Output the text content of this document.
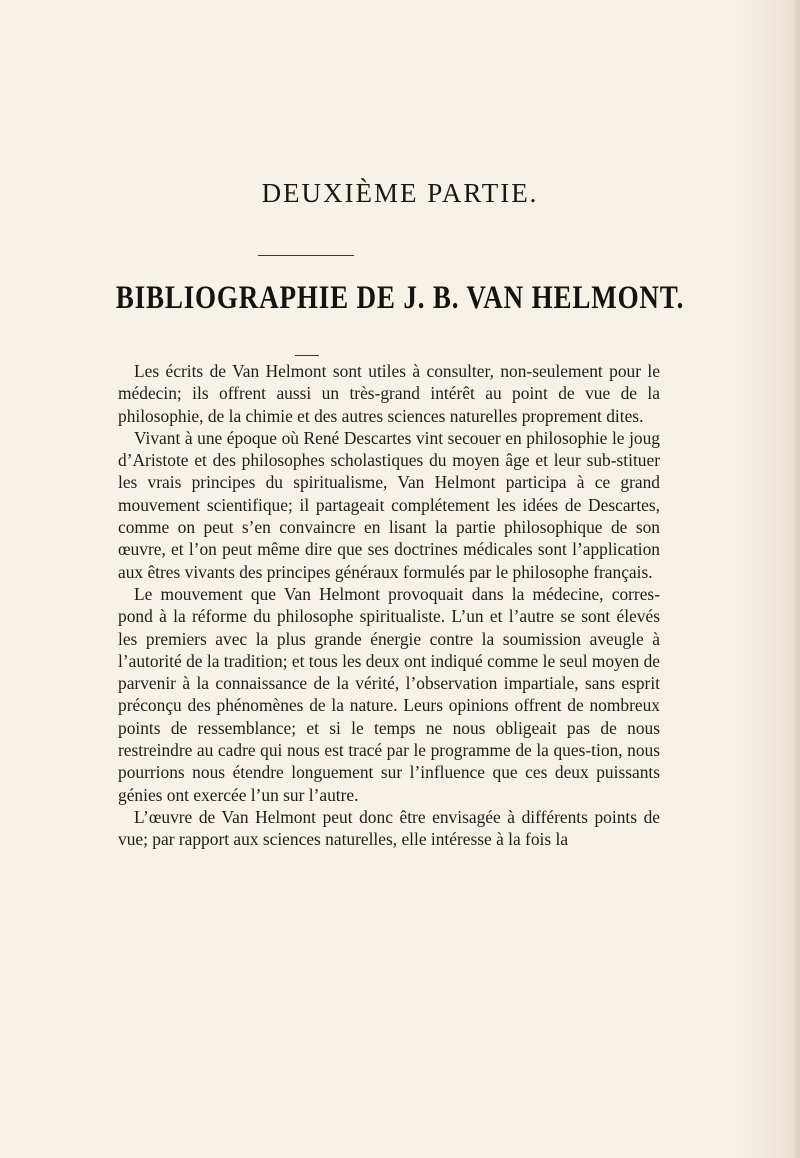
DEUXIÈME PARTIE.
BIBLIOGRAPHIE DE J. B. VAN HELMONT.

Les écrits de Van Helmont sont utiles à consulter, non-seulement pour le médecin; ils offrent aussi un très-grand intérêt au point de vue de la philosophie, de la chimie et des autres sciences naturelles proprement dites.

Vivant à une époque où René Descartes vint secouer en philosophie le joug d’Aristote et des philosophes scholastiques du moyen âge et leur sub-stituer les vrais principes du spiritualisme, Van Helmont participa à ce grand mouvement scientifique; il partageait complétement les idées de Descartes, comme on peut s’en convaincre en lisant la partie philosophique de son œuvre, et l’on peut même dire que ses doctrines médicales sont l’application aux êtres vivants des principes généraux formulés par le philosophe français.

Le mouvement que Van Helmont provoquait dans la médecine, corres-pond à la réforme du philosophe spiritualiste. L’un et l’autre se sont élevés les premiers avec la plus grande énergie contre la soumission aveugle à l’autorité de la tradition; et tous les deux ont indiqué comme le seul moyen de parvenir à la connaissance de la vérité, l’observation impartiale, sans esprit préconçu des phénomènes de la nature. Leurs opinions offrent de nombreux points de ressemblance; et si le temps ne nous obligeait pas de nous restreindre au cadre qui nous est tracé par le programme de la ques-tion, nous pourrions nous étendre longuement sur l’influence que ces deux puissants génies ont exercée l’un sur l’autre.

L’œuvre de Van Helmont peut donc être envisagée à différents points de vue; par rapport aux sciences naturelles, elle intéresse à la fois la
